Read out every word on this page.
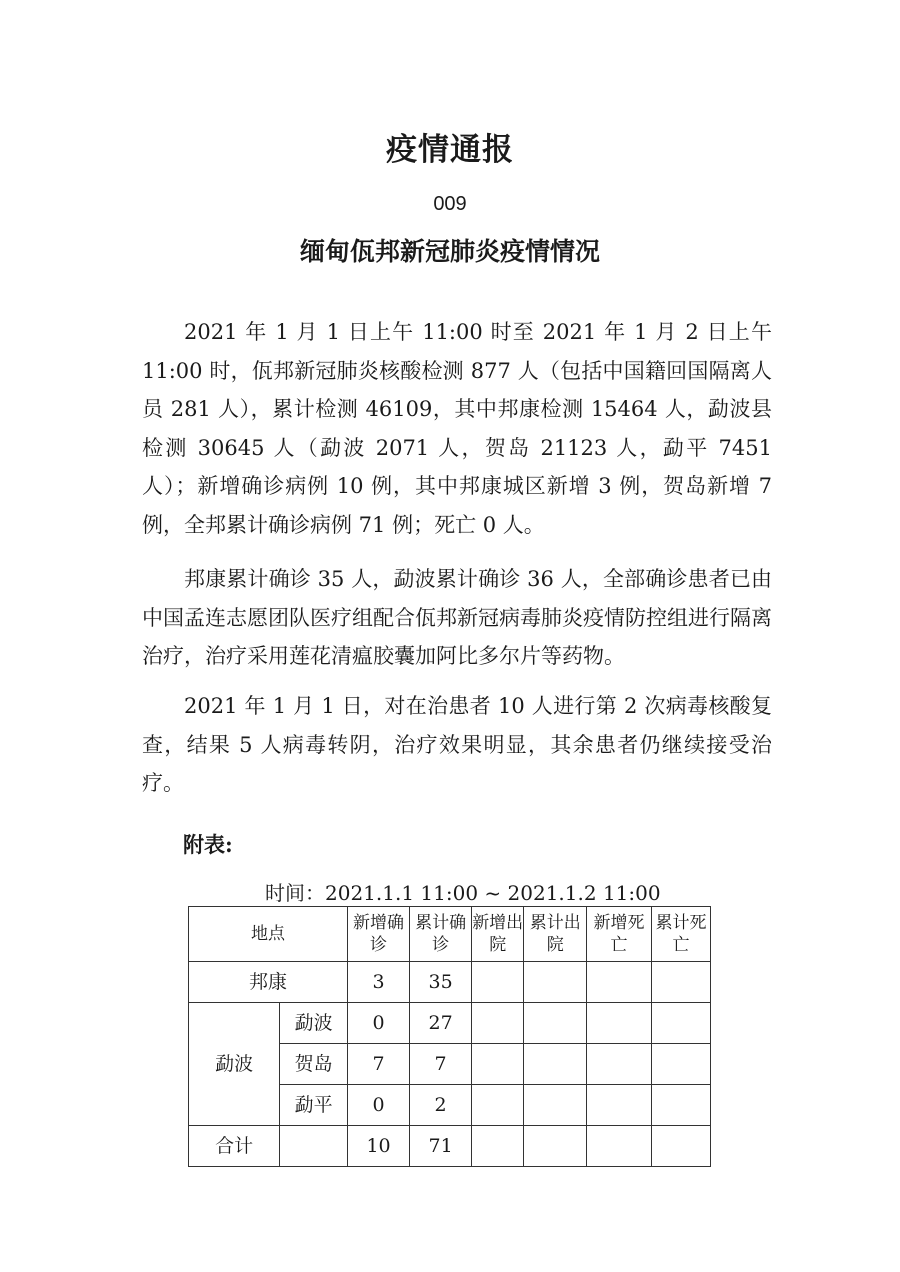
疫情通报
009
缅甸佤邦新冠肺炎疫情情况

2021 年 1 月 1 日上午 11:00 时至 2021 年 1 月 2 日上午 11:00 时，佤邦新冠肺炎核酸检测 877 人（包括中国籍回国隔离人员 281 人），累计检测 46109，其中邦康检测 15464 人，勐波县检测 30645 人（勐波 2071 人，贺岛 21123 人，勐平 7451 人）；新增确诊病例 10 例，其中邦康城区新增 3 例，贺岛新增 7 例，全邦累计确诊病例 71 例；死亡 0 人。

邦康累计确诊 35 人，勐波累计确诊 36 人，全部确诊患者已由中国孟连志愿团队医疗组配合佤邦新冠病毒肺炎疫情防控组进行隔离治疗，治疗采用莲花清瘟胶囊加阿比多尔片等药物。

2021 年 1 月 1 日，对在治患者 10 人进行第 2 次病毒核酸复查，结果 5 人病毒转阴，治疗效果明显，其余患者仍继续接受治疗。

附表:
时间：2021.1.1 11:00 ~ 2021.1.2 11:00
地点		新增确诊	累计确诊	新增出院	累计出院	新增死亡	累计死亡
邦康		3	35				
勐波	勐波	0	27				
	贺岛	7	7				
	勐平	0	2				
合计		10	71				
